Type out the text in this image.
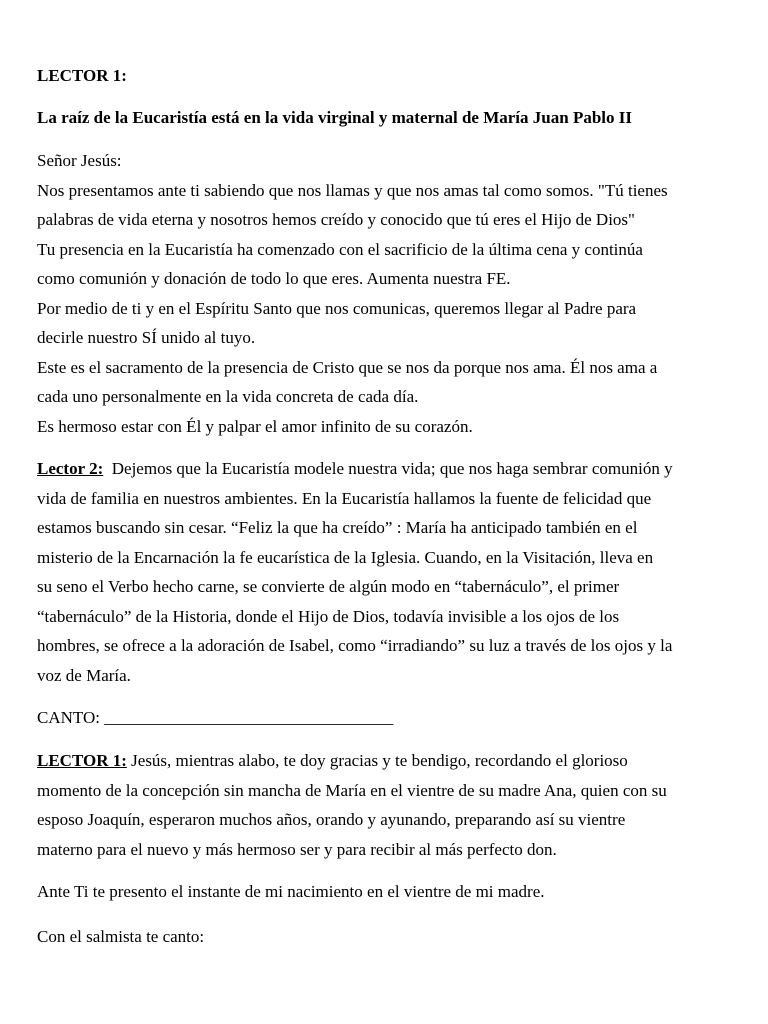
LECTOR 1:
La raíz de la Eucaristía está en la vida virginal y maternal de María Juan Pablo II
Señor Jesús:
Nos presentamos ante ti sabiendo que nos llamas y que nos amas tal como somos. "Tú tienes
palabras de vida eterna y nosotros hemos creído y conocido que tú eres el Hijo de Dios"
Tu presencia en la Eucaristía ha comenzado con el sacrificio de la última cena y continúa
como comunión y donación de todo lo que eres. Aumenta nuestra FE.
Por medio de ti y en el Espíritu Santo que nos comunicas, queremos llegar al Padre para
decirle nuestro SÍ unido al tuyo.
Este es el sacramento de la presencia de Cristo que se nos da porque nos ama. Él nos ama a
cada uno personalmente en la vida concreta de cada día.
Es hermoso estar con Él y palpar el amor infinito de su corazón.
Lector 2:  Dejemos que la Eucaristía modele nuestra vida; que nos haga sembrar comunión y
vida de familia en nuestros ambientes. En la Eucaristía hallamos la fuente de felicidad que
estamos buscando sin cesar. “Feliz la que ha creído” : María ha anticipado también en el
misterio de la Encarnación la fe eucarística de la Iglesia. Cuando, en la Visitación, lleva en
su seno el Verbo hecho carne, se convierte de algún modo en “tabernáculo”, el primer
“tabernáculo” de la Historia, donde el Hijo de Dios, todavía invisible a los ojos de los
hombres, se ofrece a la adoración de Isabel, como “irradiando” su luz a través de los ojos y la
voz de María.
CANTO: __________________________________
LECTOR 1: Jesús, mientras alabo, te doy gracias y te bendigo, recordando el glorioso
momento de la concepción sin mancha de María en el vientre de su madre Ana, quien con su
esposo Joaquín, esperaron muchos años, orando y ayunando, preparando así su vientre
materno para el nuevo y más hermoso ser y para recibir al más perfecto don.
Ante Ti te presento el instante de mi nacimiento en el vientre de mi madre.
Con el salmista te canto:
